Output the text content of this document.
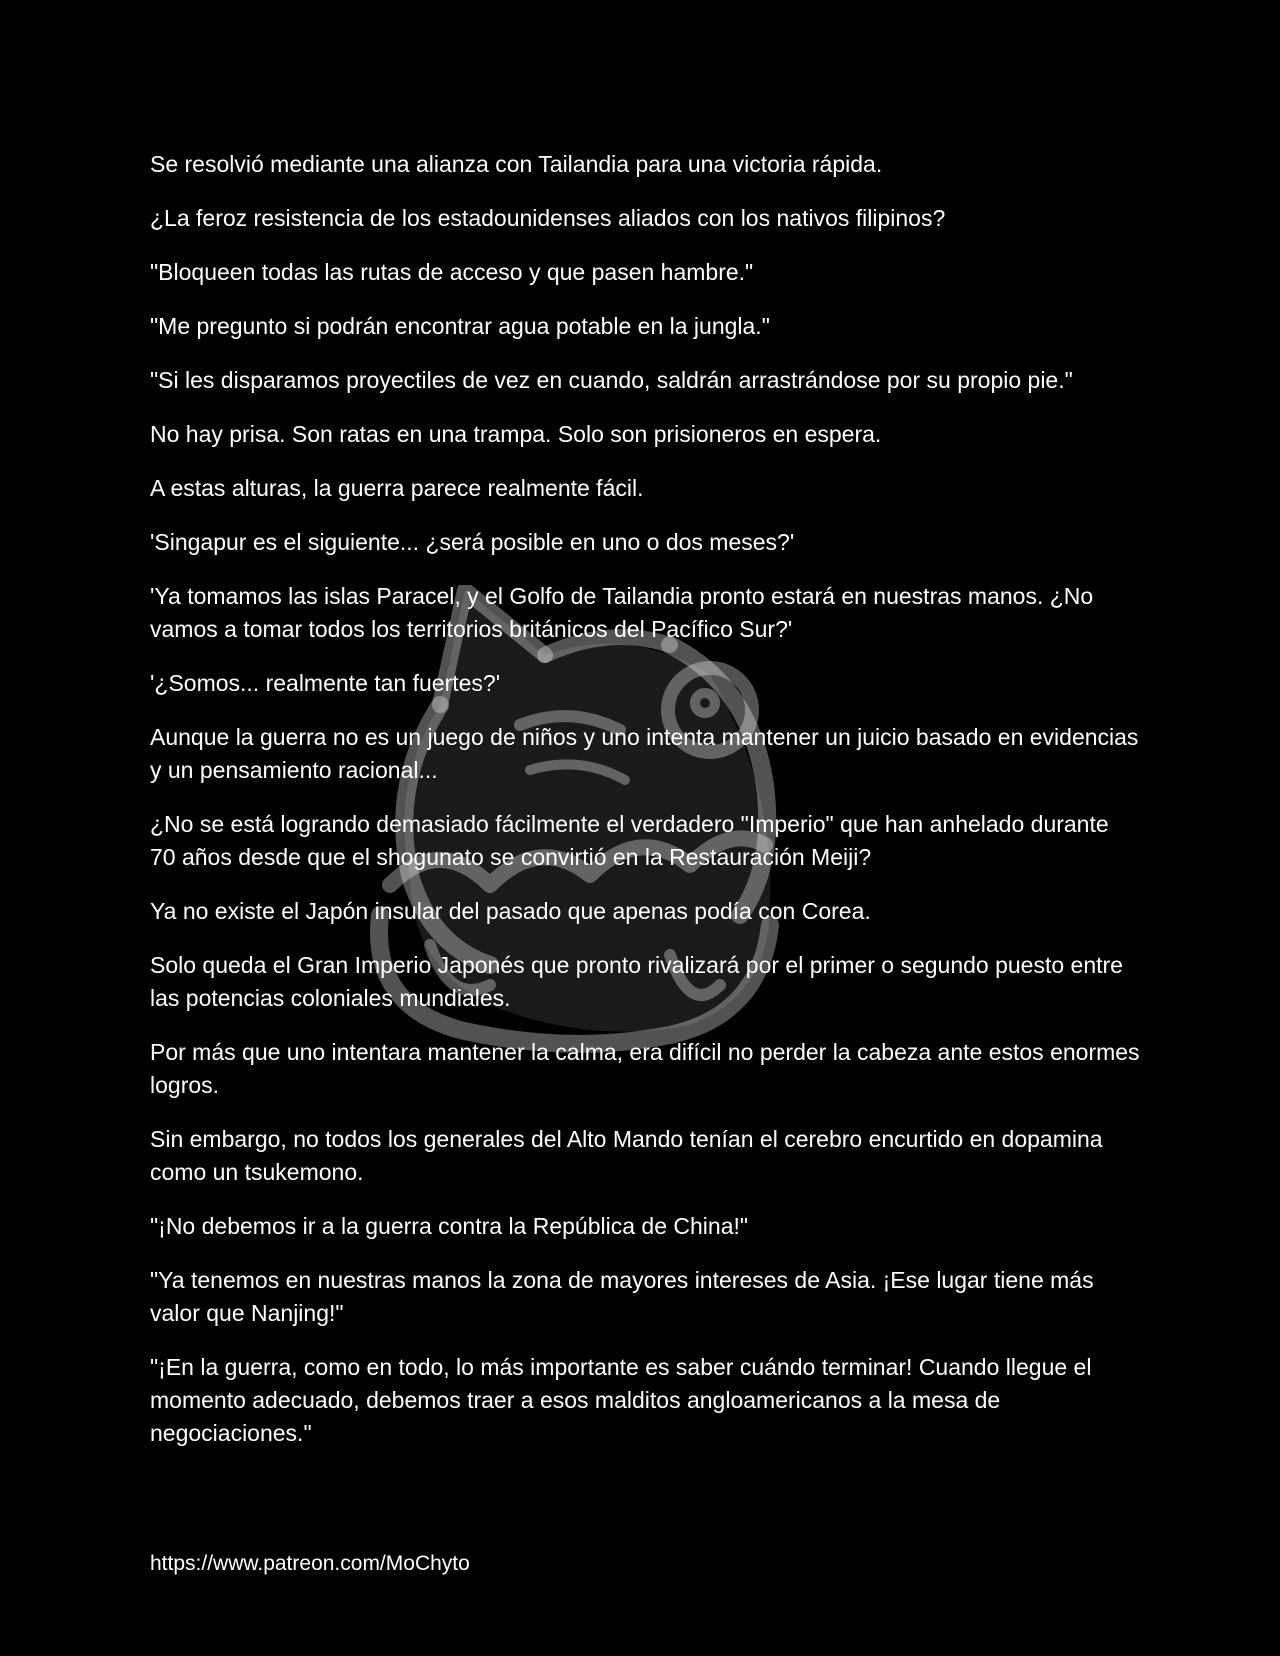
Se resolvió mediante una alianza con Tailandia para una victoria rápida.

¿La feroz resistencia de los estadounidenses aliados con los nativos filipinos?

"Bloqueen todas las rutas de acceso y que pasen hambre."

"Me pregunto si podrán encontrar agua potable en la jungla."

"Si les disparamos proyectiles de vez en cuando, saldrán arrastrándose por su propio pie."

No hay prisa. Son ratas en una trampa. Solo son prisioneros en espera.

A estas alturas, la guerra parece realmente fácil.

'Singapur es el siguiente... ¿será posible en uno o dos meses?'

'Ya tomamos las islas Paracel, y el Golfo de Tailandia pronto estará en nuestras manos. ¿No vamos a tomar todos los territorios británicos del Pacífico Sur?'

'¿Somos... realmente tan fuertes?'

Aunque la guerra no es un juego de niños y uno intenta mantener un juicio basado en evidencias y un pensamiento racional...

¿No se está logrando demasiado fácilmente el verdadero "Imperio" que han anhelado durante 70 años desde que el shogunato se convirtió en la Restauración Meiji?

Ya no existe el Japón insular del pasado que apenas podía con Corea.

Solo queda el Gran Imperio Japonés que pronto rivalizará por el primer o segundo puesto entre las potencias coloniales mundiales.

Por más que uno intentara mantener la calma, era difícil no perder la cabeza ante estos enormes logros.

Sin embargo, no todos los generales del Alto Mando tenían el cerebro encurtido en dopamina como un tsukemono.

"¡No debemos ir a la guerra contra la República de China!"

"Ya tenemos en nuestras manos la zona de mayores intereses de Asia. ¡Ese lugar tiene más valor que Nanjing!"

"¡En la guerra, como en todo, lo más importante es saber cuándo terminar! Cuando llegue el momento adecuado, debemos traer a esos malditos angloamericanos a la mesa de negociaciones."

https://www.patreon.com/MoChyto
